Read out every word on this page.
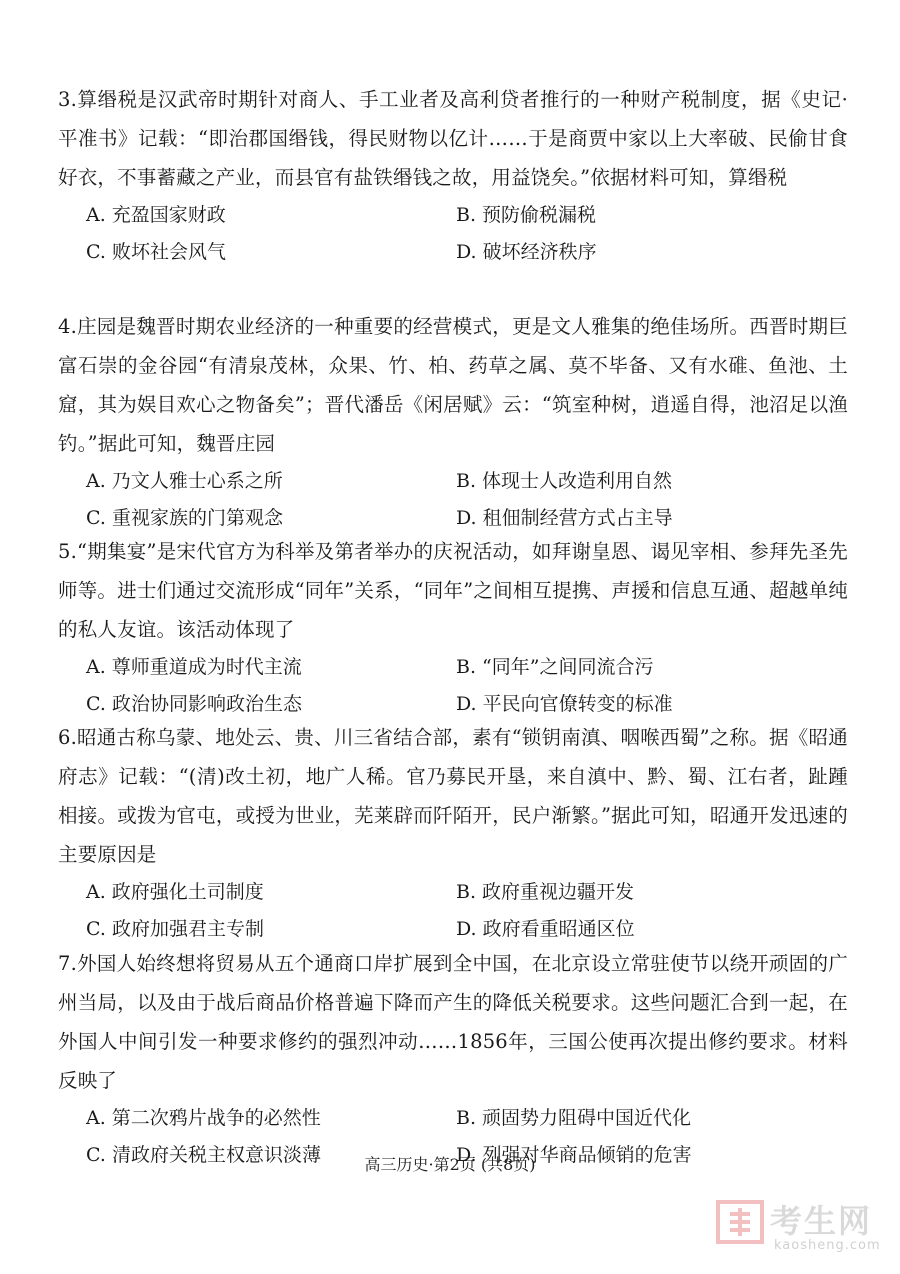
3.算缗税是汉武帝时期针对商人、手工业者及高利贷者推行的一种财产税制度，据《史记·平准书》记载：“即治郡国缗钱，得民财物以亿计……于是商贾中家以上大率破、民偷甘食好衣，不事蓄藏之产业，而县官有盐铁缗钱之故，用益饶矣。”依据材料可知，算缗税

A. 充盈国家财政	B. 预防偷税漏税
C. 败坏社会风气	D. 破坏经济秩序

4.庄园是魏晋时期农业经济的一种重要的经营模式，更是文人雅集的绝佳场所。西晋时期巨富石崇的金谷园“有清泉茂林，众果、竹、柏、药草之属、莫不毕备、又有水碓、鱼池、土窟，其为娱目欢心之物备矣”；晋代潘岳《闲居赋》云：“筑室种树，逍遥自得，池沼足以渔钓。”据此可知，魏晋庄园

A. 乃文人雅士心系之所	B. 体现士人改造利用自然
C. 重视家族的门第观念	D. 租佃制经营方式占主导

5.“期集宴”是宋代官方为科举及第者举办的庆祝活动，如拜谢皇恩、谒见宰相、参拜先圣先师等。进士们通过交流形成“同年”关系，“同年”之间相互提携、声援和信息互通、超越单纯的私人友谊。该活动体现了

A. 尊师重道成为时代主流	B. “同年”之间同流合污
C. 政治协同影响政治生态	D. 平民向官僚转变的标准

6.昭通古称乌蒙、地处云、贵、川三省结合部，素有“锁钥南滇、咽喉西蜀”之称。据《昭通府志》记载：“(清)改土初，地广人稀。官乃募民开垦，来自滇中、黔、蜀、江右者，趾踵相接。或拨为官屯，或授为世业，芜莱辟而阡陌开，民户渐繁。”据此可知，昭通开发迅速的主要原因是

A. 政府强化土司制度	B. 政府重视边疆开发
C. 政府加强君主专制	D. 政府看重昭通区位

7.外国人始终想将贸易从五个通商口岸扩展到全中国，在北京设立常驻使节以绕开顽固的广州当局，以及由于战后商品价格普遍下降而产生的降低关税要求。这些问题汇合到一起，在外国人中间引发一种要求修约的强烈冲动……1856年，三国公使再次提出修约要求。材料反映了

A. 第二次鸦片战争的必然性	B. 顽固势力阻碍中国近代化
C. 清政府关税主权意识淡薄	D. 列强对华商品倾销的危害
高三历史·第2页 (共8页)
考生网
kaosheng.com
